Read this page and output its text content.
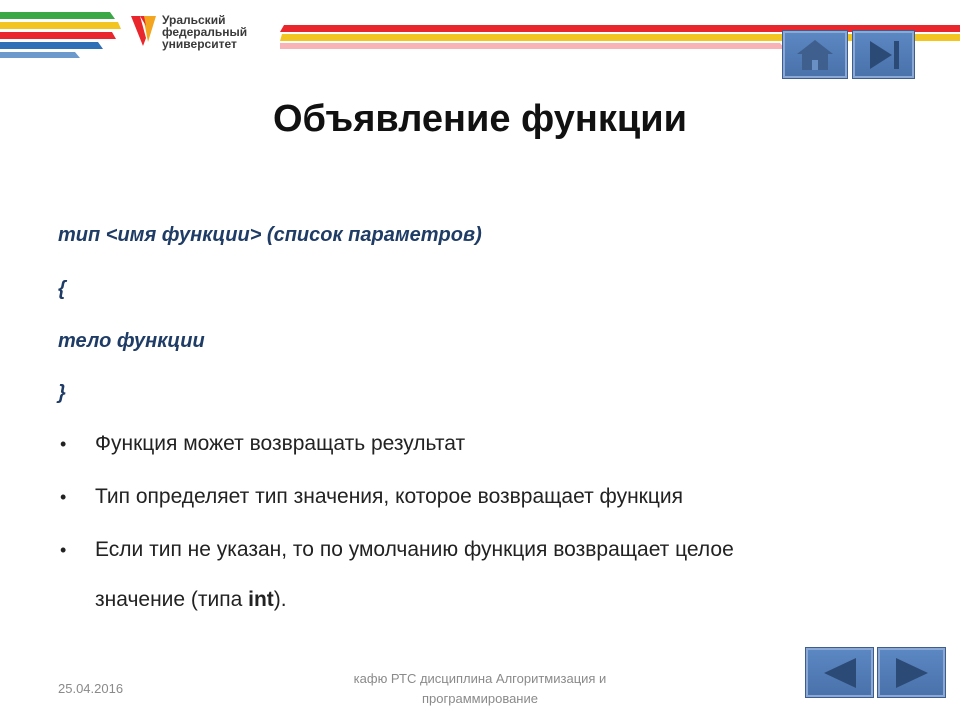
Уральский
федеральный
университет
Объявление функции
тип <имя функции> (список параметров)
{
тело функции
}
• Функция может возвращать результат
• Тип определяет тип значения, которое возвращает функция
• Если тип не указан, то по умолчанию функция возвращает целое
значение (типа int).
25.04.2016
кафю РТС дисциплина Алгоритмизация и
программирование
